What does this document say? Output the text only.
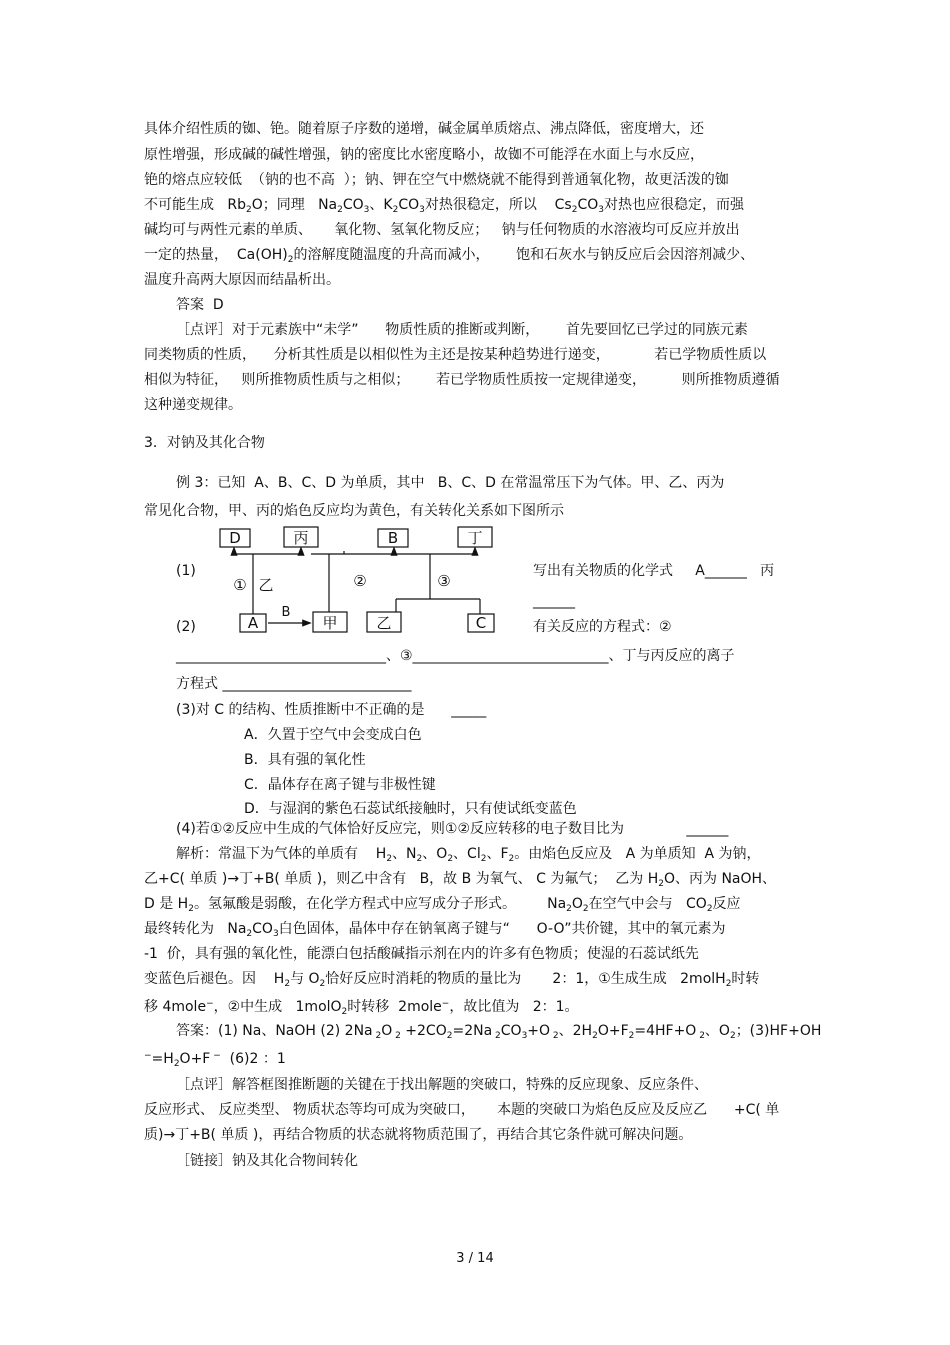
具体介绍性质的铷、铯。随着原子序数的递增，碱金属单质熔点、沸点降低，密度增大，还
原性增强，形成碱的碱性增强，钠的密度比水密度略小，故铷不可能浮在水面上与水反应，
铯的熔点应较低  （钠的也不高  ）；钠、钾在空气中燃烧就不能得到普通氧化物，故更活泼的铷
不可能生成   $Rb_2O$；同理   $Na_2CO_3$、$K_2CO_3$对热很稳定，所以    $Cs_2CO_3$对热也应很稳定，而强
碱均可与两性元素的单质、     氧化物、氢氧化物反应；   钠与任何物质的水溶液均可反应并放出
一定的热量，  $Ca(OH)_2$的溶解度随温度的升高而减小，      饱和石灰水与钠反应后会因溶剂减少、
温度升高两大原因而结晶析出。
答案  D
［点评］对于元素族中“未学”      物质性质的推断或判断，      首先要回忆已学过的同族元素
同类物质的性质，    分析其性质是以相似性为主还是按某种趋势进行递变，          若已学物质性质以
相似为特征，   则所推物质性质与之相似；      若已学物质性质按一定规律递变，        则所推物质遵循
这种递变规律。
3．对钠及其化合物
例 3：已知  A、B、C、D 为单质，其中   B、C、D 在常温常压下为气体。甲、乙、丙为
常见化合物，甲、丙的焰色反应均为黄色，有关转化关系如下图所示
(1)	写出有关物质的化学式     A______   丙
______
(2)	有关反应的方程式：②
______________________________、③____________________________、丁与丙反应的离子
方程式 ___________________________
(3)对 C 的结构、性质推断中不正确的是      _____
A．久置于空气中会变成白色
B．具有强的氧化性
C．晶体存在离子键与非极性键
D．与湿润的紫色石蕊试纸接触时，只有使试纸变蓝色
(4)若①②反应中生成的气体恰好反应完，则①②反应转移的电子数目比为              ______
解析：常温下为气体的单质有    $H_2$、$N_2$、$O_2$、$Cl_2$、$F_2$。由焰色反应及   A 为单质知  A 为钠，
乙+C( 单质 )→丁+B( 单质 )，则乙中含有   B，故 B 为氧气、 C 为氟气；  乙为 $H_2O$、丙为 NaOH、
D 是 $H_2$。氢氟酸是弱酸，在化学方程式中应写成分子形式。       $Na_2O_2$在空气中会与   $CO_2$反应
最终转化为   $Na_2CO_3$白色固体，晶体中存在钠氧离子键与“      O-O”共价键，其中的氧元素为
-1  价，具有强的氧化性，能漂白包括酸碱指示剂在内的许多有色物质；使湿的石蕊试纸先
变蓝色后褪色。因    $H_2$与 $O_2$恰好反应时消耗的物质的量比为       2：1，①生成生成   2molH$_2$时转
移 4mole−，②中生成   1molO$_2$时转移  2mole−，故比值为   2：1。
答案：(1) Na、NaOH (2) 2Na $_2$O $_2 +2CO_2=2Na$ $_2CO_3+O$ $_2$、$2H_2O+F_2=4HF+O$ $_2$、$O_2$；(3)HF+OH
$^-=H_2O+F$ −  (6)2 ：1
［点评］解答框图推断题的关键在于找出解题的突破口，特殊的反应现象、反应条件、
反应形式、 反应类型、 物质状态等均可成为突破口，     本题的突破口为焰色反应及反应乙      +C( 单
质)→丁+B( 单质 )，再结合物质的状态就将物质范围了，再结合其它条件就可解决问题。
［链接］钠及其化合物间转化
D	丙	B	丁
A	甲	乙	C
① 乙	②	③
B
3 / 14
